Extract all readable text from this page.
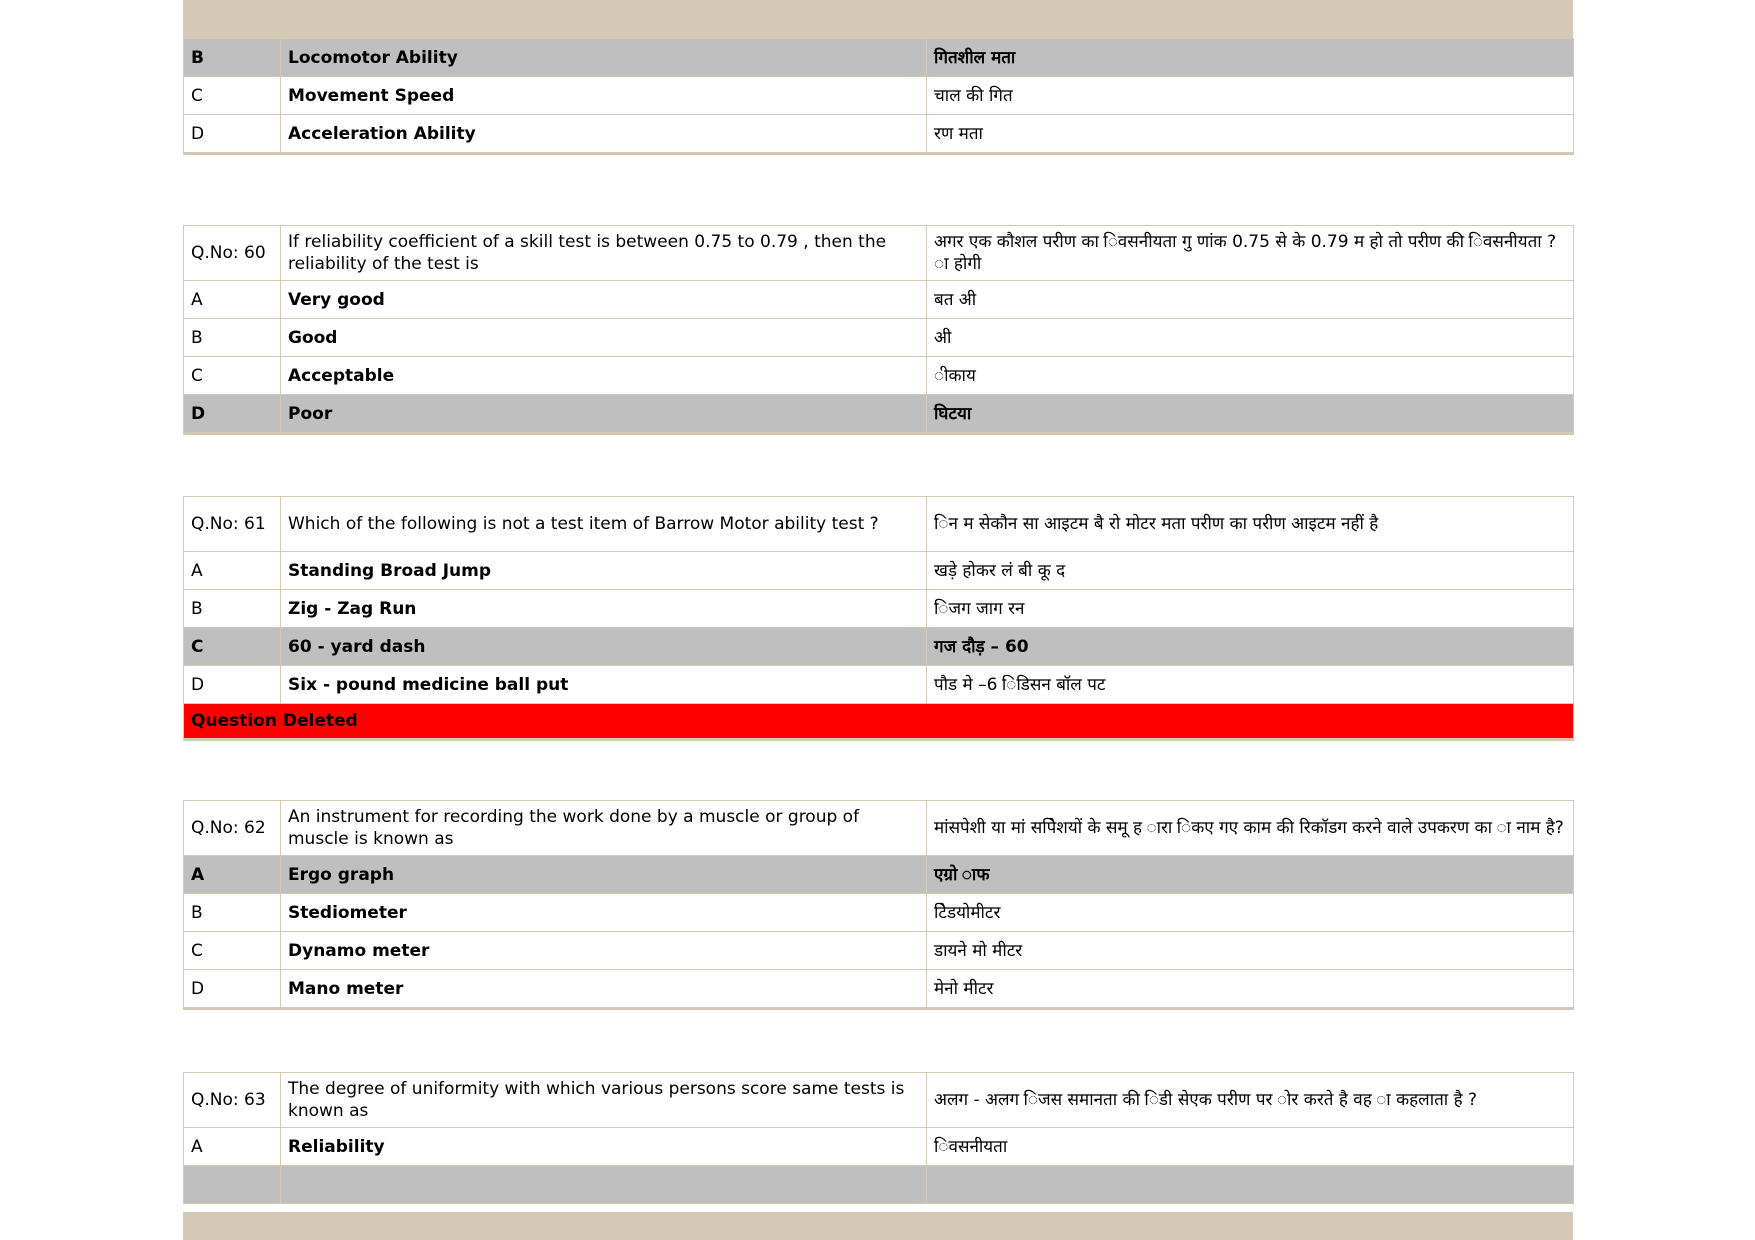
B	Locomotor Ability	गितशील मता
C	Movement Speed	चाल की गित
D	Acceleration Ability	रण मता
Q.No: 60	If reliability coefficient of a skill test is between 0.75 to 0.79 , then the reliability of the test is	अगर एक कौशल परीण का िवसनीयता गु णांक 0.75 से के 0.79 म हो तो परीण की िवसनीयता ? ा होगी
A	Very good	बत अी
B	Good	अी
C	Acceptable	ीकाय
D	Poor	घिटया
Q.No: 61	Which of the following is not a test item of Barrow Motor ability test ?	िन म सेकौन सा आइटम बै रो मोटर मता परीण का परीण आइटम नहीं है
A	Standing Broad Jump	खड़े होकर लं बी कू द
B	Zig - Zag Run	िजग जाग रन
C	60 - yard dash	गज दौड़ – 60
D	Six - pound medicine ball put	पौड मे –6 िडिसन बॉल पट
Question Deleted		
Q.No: 62	An instrument for recording the work done by a muscle or group of muscle is known as	मांसपेशी या मां सपेिशयों के समू ह ारा िकए गए काम की रिकॉडग करने वाले उपकरण का ा नाम है?
A	Ergo graph	एग्रो ाफ
B	Stediometer	टेिडयोमीटर
C	Dynamo meter	डायने मो मीटर
D	Mano meter	मेनो मीटर
Q.No: 63	The degree of uniformity with which various persons score same tests is known as	अलग - अलग िजस समानता की िडी सेएक परीण पर ोर करते है वह ा कहलाता है ?
A	Reliability	िवसनीयता
